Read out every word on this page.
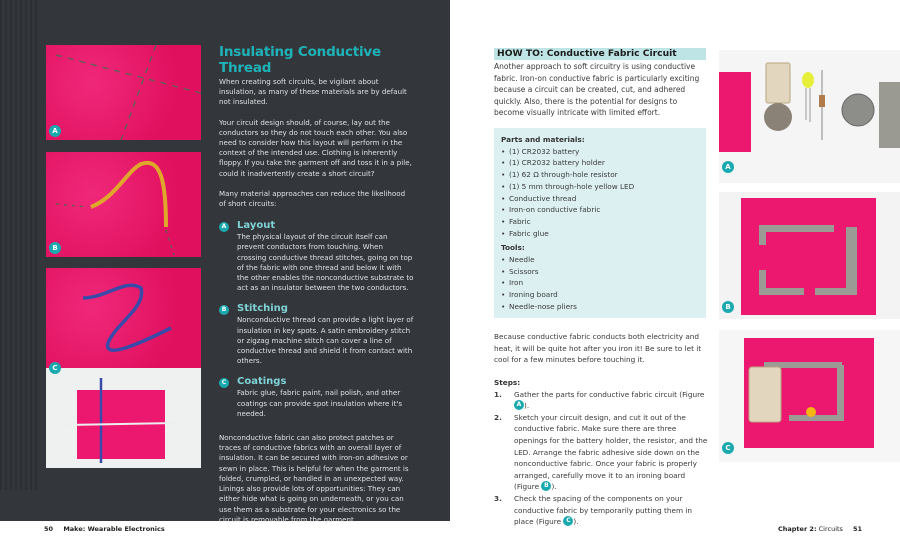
A
B
C
Insulating Conductive Thread

When creating soft circuits, be vigilant about insulation, as many of these materials are by default not insulated.

Your circuit design should, of course, lay out the conductors so they do not touch each other. You also need to consider how this layout will perform in the context of the intended use. Clothing is inherently floppy. If you take the garment off and toss it in a pile, could it inadvertently create a short circuit?

Many material approaches can reduce the likelihood of short circuits:

A Layout
The physical layout of the circuit itself can prevent conductors from touching. When crossing conductive thread stitches, going on top of the fabric with one thread and below it with the other enables the nonconductive substrate to act as an insulator between the two conductors.
B Stitching
Nonconductive thread can provide a light layer of insulation in key spots. A satin embroidery stitch or zigzag machine stitch can cover a line of conductive thread and shield it from contact with others.
C Coatings
Fabric glue, fabric paint, nail polish, and other coatings can provide spot insulation where it's needed.

Nonconductive fabric can also protect patches or traces of conductive fabrics with an overall layer of insulation. It can be secured with iron-on adhesive or sewn in place. This is helpful for when the garment is folded, crumpled, or handled in an unexpected way. Linings also provide lots of opportunities: They can either hide what is going on underneath, or you can use them as a substrate for your electronics so the circuit is removable from the garment.

50 Make: Wearable Electronics
HOW TO: Conductive Fabric Circuit
Another approach to soft circuitry is using conductive fabric. Iron-on conductive fabric is particularly exciting because a circuit can be created, cut, and adhered quickly. Also, there is the potential for designs to become visually intricate with limited effort.
Parts and materials:
• (1) CR2032 battery
• (1) CR2032 battery holder
• (1) 62 Ω through-hole resistor
• (1) 5 mm through-hole yellow LED
• Conductive thread
• Iron-on conductive fabric
• Fabric
• Fabric glue
Tools:
• Needle
• Scissors
• Iron
• Ironing board
• Needle-nose pliers
Because conductive fabric conducts both electricity and heat, it will be quite hot after you iron it! Be sure to let it cool for a few minutes before touching it.
Steps:
1. Gather the parts for conductive fabric circuit (Figure A ).
2. Sketch your circuit design, and cut it out of the conductive fabric. Make sure there are three openings for the battery holder, the resistor, and the LED. Arrange the fabric adhesive side down on the nonconductive fabric. Once your fabric is properly arranged, carefully move it to an ironing board (Figure B ).
3. Check the spacing of the components on your conductive fabric by temporarily putting them in place (Figure C ).
A
B
C
Chapter 2: Circuits 51
